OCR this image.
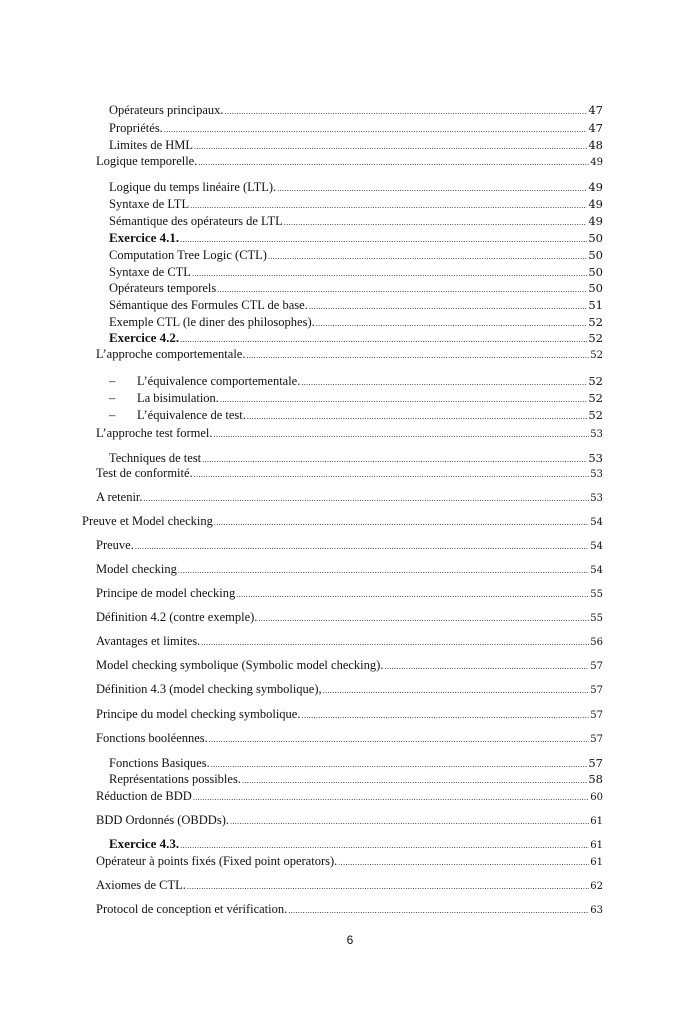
Opérateurs principaux. .....	47
Propriétés. .....	47
Limites de HML .....	48
Logique temporelle. .....	49
Logique du temps linéaire (LTL). .....	49
Syntaxe de LTL .....	49
Sémantique des opérateurs de LTL .....	49
Exercice 4.1. .....	50
Computation Tree Logic (CTL) .....	50
Syntaxe de CTL .....	50
Opérateurs temporels .....	50
Sémantique des Formules CTL de base. .....	51
Exemple CTL (le diner des philosophes). .....	52
Exercice 4.2. .....	52
L’approche comportementale. .....	52
–	L’équivalence comportementale. .....	52
–	La bisimulation. .....	52
–	L’équivalence de test. .....	52
L’approche test formel. .....	53
Techniques de test .....	53
Test de conformité. .....	53
A retenir. .....	53
Preuve et Model checking .....	54
Preuve. .....	54
Model checking .....	54
Principe de model checking .....	55
Définition 4.2 (contre exemple). .....	55
Avantages et limites. .....	56
Model checking symbolique (Symbolic model checking). .....	57
Définition 4.3 (model checking symbolique), .....	57
Principe du model checking symbolique. .....	57
Fonctions booléennes. .....	57
Fonctions Basiques. .....	57
Représentations possibles. .....	58
Réduction de BDD .....	60
BDD Ordonnés (OBDDs). .....	61
Exercice 4.3. .....	61
Opérateur à points fixés (Fixed point operators). .....	61
Axiomes de CTL. .....	62
Protocol de conception et vérification. .....	63
6
